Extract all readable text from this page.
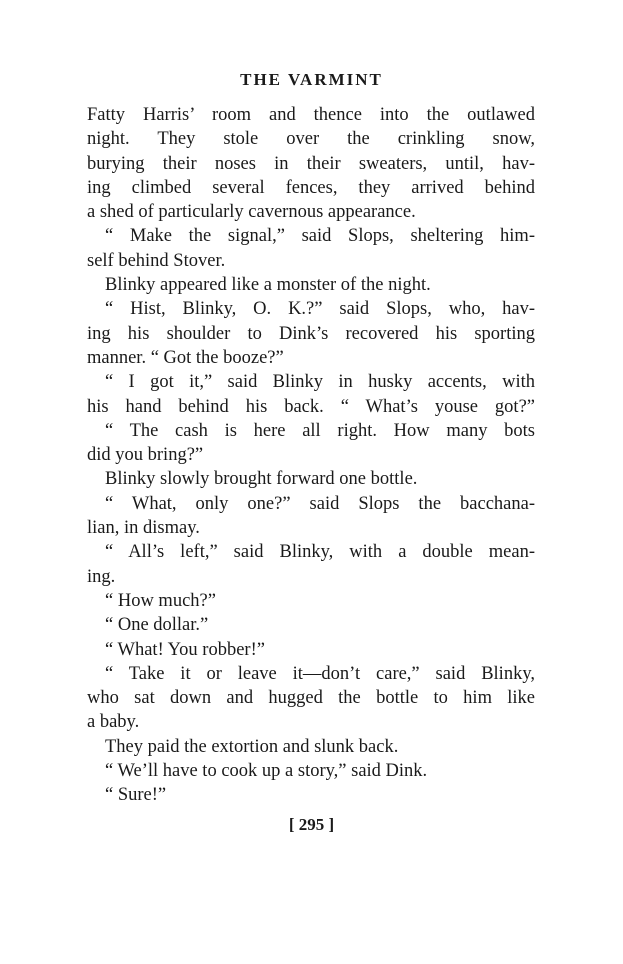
THE VARMINT
Fatty Harris’ room and thence into the outlawed
night. They stole over the crinkling snow,
burying their noses in their sweaters, until, hav-
ing climbed several fences, they arrived behind
a shed of particularly cavernous appearance.
“ Make the signal,” said Slops, sheltering him-
self behind Stover.
Blinky appeared like a monster of the night.
“ Hist, Blinky, O. K.?” said Slops, who, hav-
ing his shoulder to Dink’s recovered his sporting
manner. “ Got the booze?”
“ I got it,” said Blinky in husky accents, with
his hand behind his back. “ What’s youse got?”
“ The cash is here all right. How many bots
did you bring?”
Blinky slowly brought forward one bottle.
“ What, only one?” said Slops the bacchana-
lian, in dismay.
“ All’s left,” said Blinky, with a double mean-
ing.
“ How much?”
“ One dollar.”
“ What! You robber!”
“ Take it or leave it—don’t care,” said Blinky,
who sat down and hugged the bottle to him like
a baby.
They paid the extortion and slunk back.
“ We’ll have to cook up a story,” said Dink.
“ Sure!”
[ 295 ]
